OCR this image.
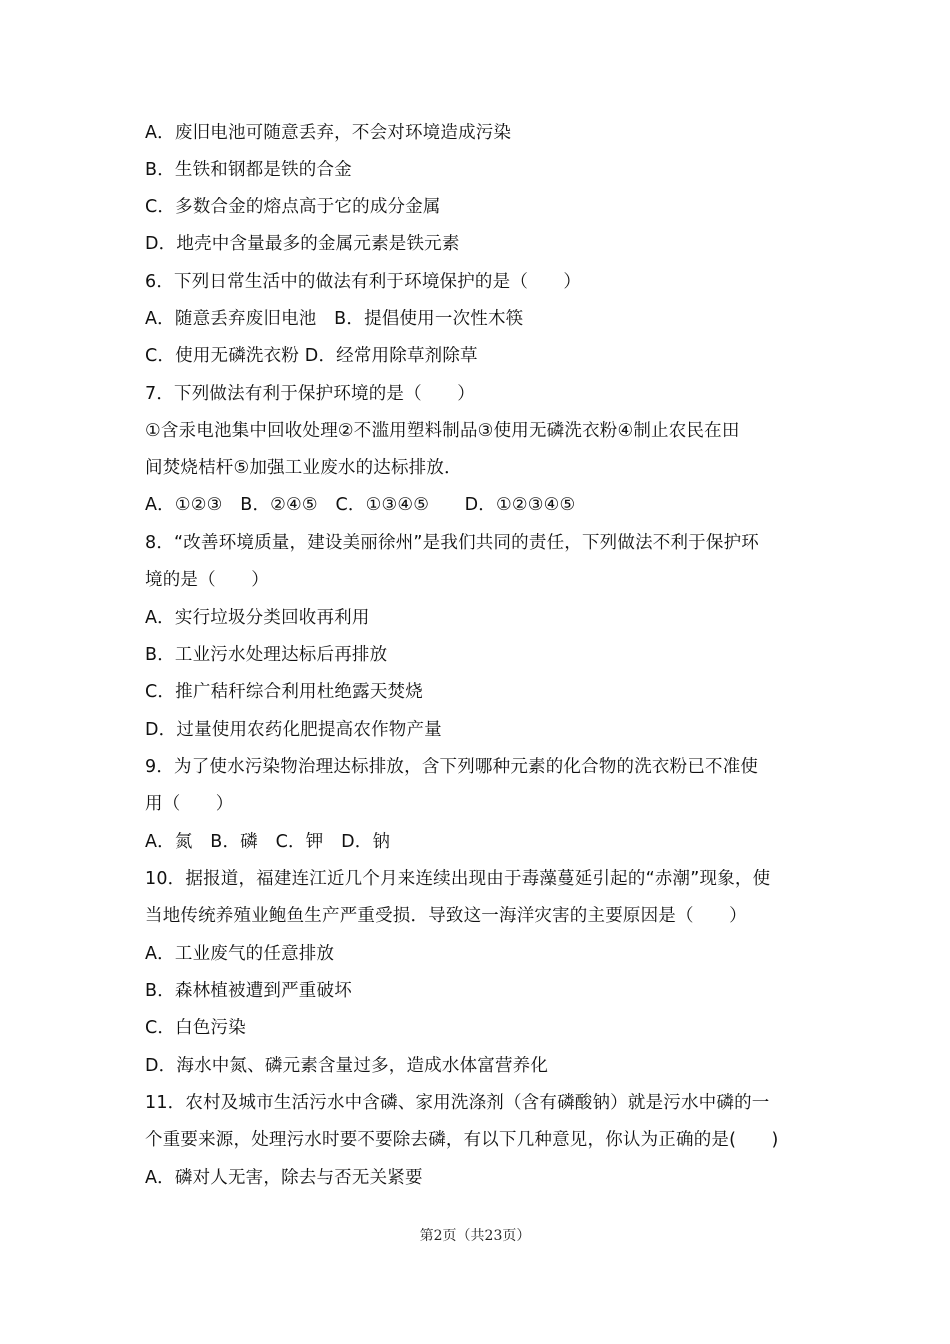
A．废旧电池可随意丢弃，不会对环境造成污染
B．生铁和钢都是铁的合金
C．多数合金的熔点高于它的成分金属
D．地壳中含量最多的金属元素是铁元素
6．下列日常生活中的做法有利于环境保护的是（　　）
A．随意丢弃废旧电池　B．提倡使用一次性木筷
C．使用无磷洗衣粉 D．经常用除草剂除草
7．下列做法有利于保护环境的是（　　）
①含汞电池集中回收处理②不滥用塑料制品③使用无磷洗衣粉④制止农民在田
间焚烧桔杆⑤加强工业废水的达标排放．
A．①②③　B．②④⑤　C．①③④⑤　　D．①②③④⑤
8．“改善环境质量，建设美丽徐州”是我们共同的责任，下列做法不利于保护环
境的是（　　）
A．实行垃圾分类回收再利用
B．工业污水处理达标后再排放
C．推广秸秆综合利用杜绝露天焚烧
D．过量使用农药化肥提高农作物产量
9．为了使水污染物治理达标排放，含下列哪种元素的化合物的洗衣粉已不准使
用（　　）
A．氮　B．磷　C．钾　D．钠
10．据报道，福建连江近几个月来连续出现由于毒藻蔓延引起的“赤潮”现象，使
当地传统养殖业鲍鱼生产严重受损．导致这一海洋灾害的主要原因是（　　）
A．工业废气的任意排放
B．森林植被遭到严重破坏
C．白色污染
D．海水中氮、磷元素含量过多，造成水体富营养化
11．农村及城市生活污水中含磷、家用洗涤剂（含有磷酸钠）就是污水中磷的一
个重要来源，处理污水时要不要除去磷，有以下几种意见，你认为正确的是(　　)
A．磷对人无害，除去与否无关紧要
第2页（共23页）
